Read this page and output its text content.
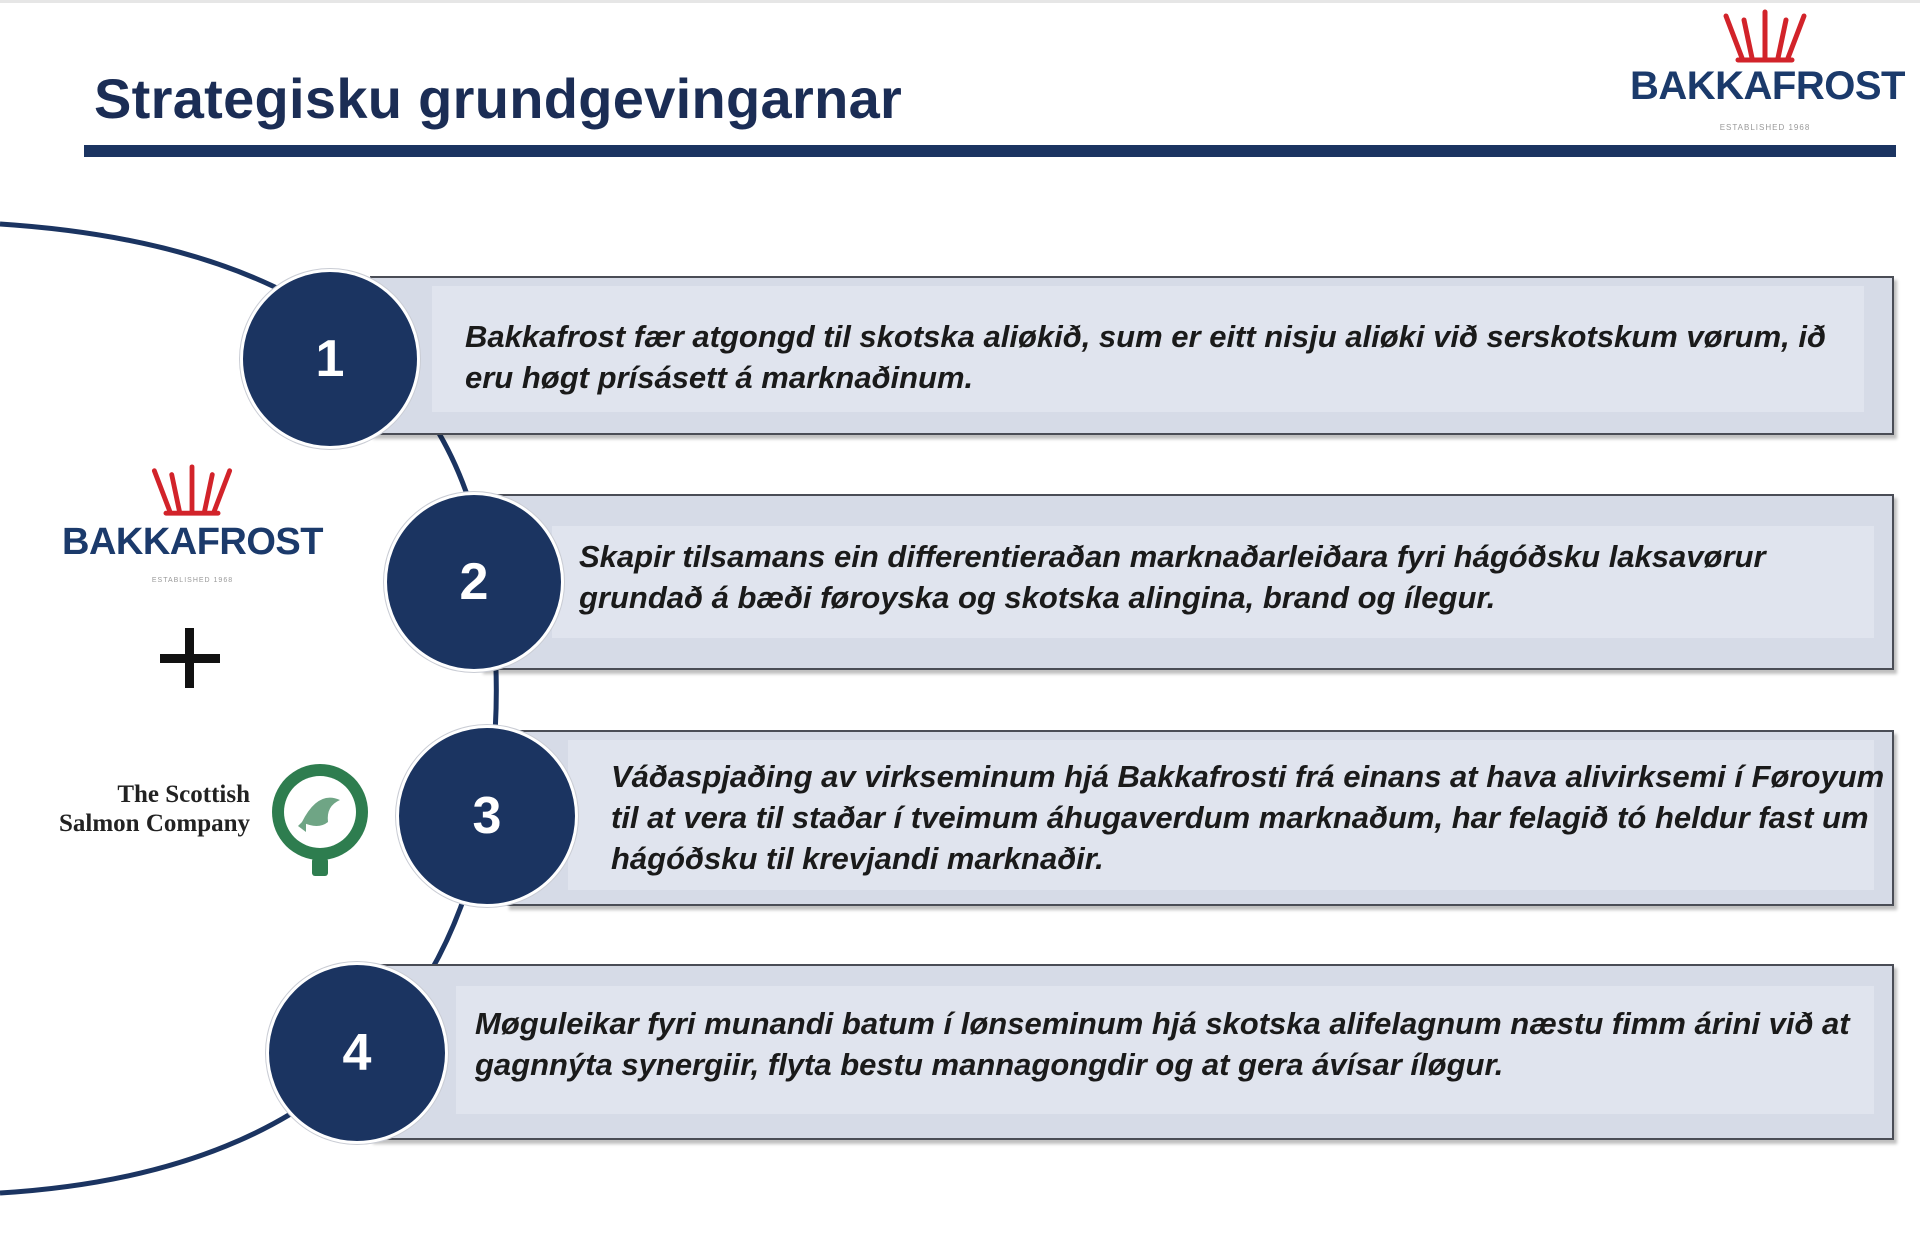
Strategisku grundgevingarnar	BAKKAFROST
ESTABLISHED 1968
Bakkafrost fær atgongd til skotska aliøkið, sum er eitt nisju aliøki við serskotskum vørum, ið eru høgt prísásett á marknaðinum.
Skapir tilsamans ein differentieraðan marknaðarleiðara fyri hágóðsku laksavørur grundað á bæði føroyska og skotska alingina, brand og ílegur.
Váðaspjaðing av virkseminum hjá Bakkafrosti frá einans at hava alivirksemi í Føroyum til at vera til staðar í tveimum áhugaverdum marknaðum, har felagið tó heldur fast um hágóðsku til krevjandi marknaðir.
Møguleikar fyri munandi batum í lønseminum hjá skotska alifelagnum næstu fimm árini við at gagnnýta synergiir, flyta bestu mannagongdir og at gera ávísar íløgur.
1
2
3
4
BAKKAFROST
ESTABLISHED 1968
The Scottish
Salmon Company
